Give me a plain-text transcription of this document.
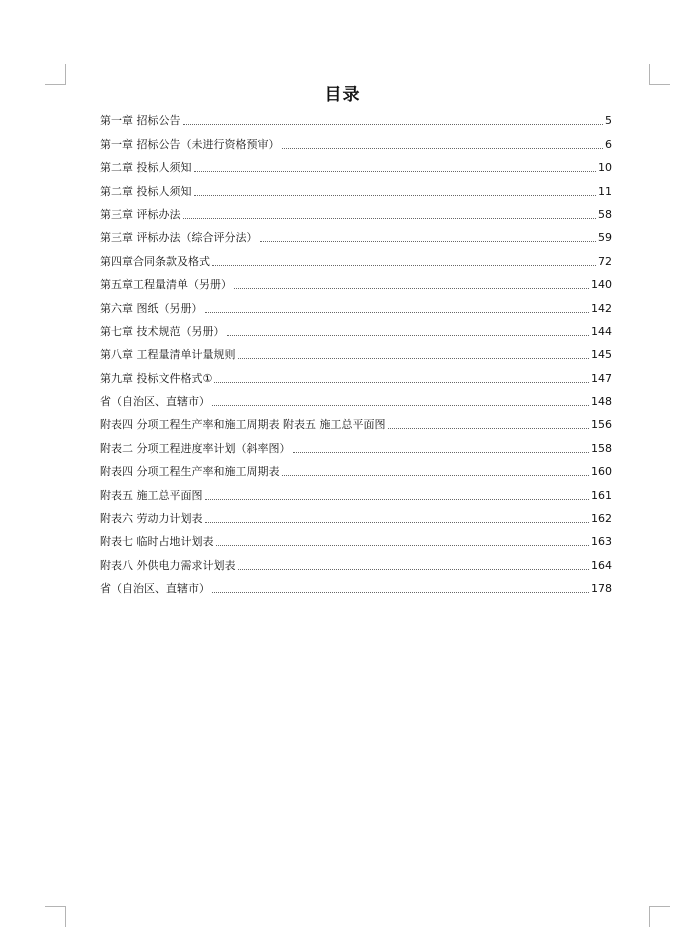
目录
第一章 招标公告	5
第一章 招标公告（未进行资格预审）	6
第二章 投标人须知	10
第二章 投标人须知	11
第三章 评标办法	58
第三章 评标办法（综合评分法）	59
第四章合同条款及格式	72
第五章工程量清单（另册）	140
第六章 图纸（另册）	142
第七章 技术规范（另册）	144
第八章 工程量清单计量规则	145
第九章 投标文件格式①	147
省（自治区、直辖市）	148
附表四 分项工程生产率和施工周期表 附表五 施工总平面图	156
附表二 分项工程进度率计划（斜率图）	158
附表四 分项工程生产率和施工周期表	160
附表五 施工总平面图	161
附表六 劳动力计划表	162
附表七 临时占地计划表	163
附表八 外供电力需求计划表	164
省（自治区、直辖市）	178
